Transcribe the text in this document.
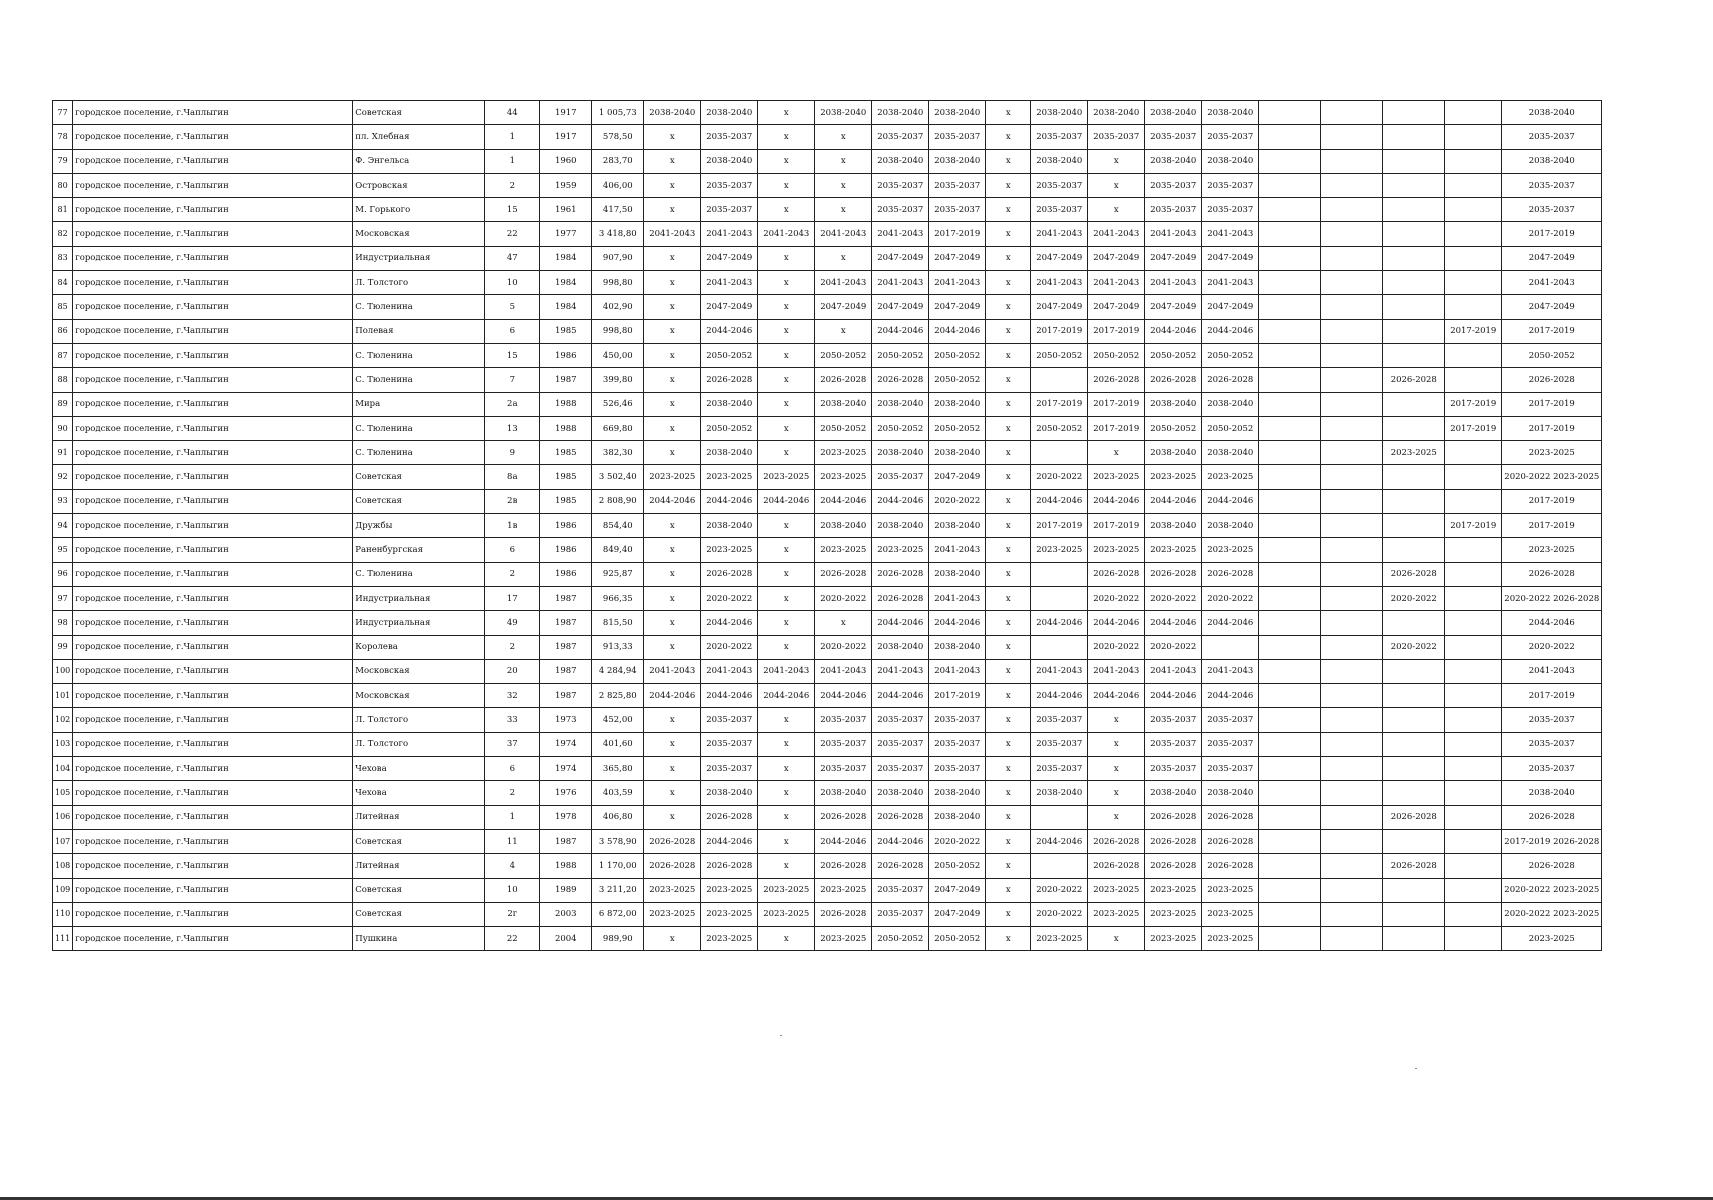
77	городское поселение, г.Чаплыгин	Советская	44	1917	1 005,73	2038-2040	2038-2040	x	2038-2040	2038-2040	2038-2040	x	2038-2040	2038-2040	2038-2040	2038-2040					2038-2040
78	городское поселение, г.Чаплыгин	пл. Хлебная	1	1917	578,50	x	2035-2037	x	x	2035-2037	2035-2037	x	2035-2037	2035-2037	2035-2037	2035-2037					2035-2037
79	городское поселение, г.Чаплыгин	Ф. Энгельса	1	1960	283,70	x	2038-2040	x	x	2038-2040	2038-2040	x	2038-2040	x	2038-2040	2038-2040					2038-2040
80	городское поселение, г.Чаплыгин	Островская	2	1959	406,00	x	2035-2037	x	x	2035-2037	2035-2037	x	2035-2037	x	2035-2037	2035-2037					2035-2037
81	городское поселение, г.Чаплыгин	М. Горького	15	1961	417,50	x	2035-2037	x	x	2035-2037	2035-2037	x	2035-2037	x	2035-2037	2035-2037					2035-2037
82	городское поселение, г.Чаплыгин	Московская	22	1977	3 418,80	2041-2043	2041-2043	2041-2043	2041-2043	2041-2043	2017-2019	x	2041-2043	2041-2043	2041-2043	2041-2043					2017-2019
83	городское поселение, г.Чаплыгин	Индустриальная	47	1984	907,90	x	2047-2049	x	x	2047-2049	2047-2049	x	2047-2049	2047-2049	2047-2049	2047-2049					2047-2049
84	городское поселение, г.Чаплыгин	Л. Толстого	10	1984	998,80	x	2041-2043	x	2041-2043	2041-2043	2041-2043	x	2041-2043	2041-2043	2041-2043	2041-2043					2041-2043
85	городское поселение, г.Чаплыгин	С. Тюленина	5	1984	402,90	x	2047-2049	x	2047-2049	2047-2049	2047-2049	x	2047-2049	2047-2049	2047-2049	2047-2049					2047-2049
86	городское поселение, г.Чаплыгин	Полевая	6	1985	998,80	x	2044-2046	x	x	2044-2046	2044-2046	x	2017-2019	2017-2019	2044-2046	2044-2046				2017-2019	2017-2019
87	городское поселение, г.Чаплыгин	С. Тюленина	15	1986	450,00	x	2050-2052	x	2050-2052	2050-2052	2050-2052	x	2050-2052	2050-2052	2050-2052	2050-2052					2050-2052
88	городское поселение, г.Чаплыгин	С. Тюленина	7	1987	399,80	x	2026-2028	x	2026-2028	2026-2028	2050-2052	x		2026-2028	2026-2028	2026-2028			2026-2028		2026-2028
89	городское поселение, г.Чаплыгин	Мира	2а	1988	526,46	x	2038-2040	x	2038-2040	2038-2040	2038-2040	x	2017-2019	2017-2019	2038-2040	2038-2040				2017-2019	2017-2019
90	городское поселение, г.Чаплыгин	С. Тюленина	13	1988	669,80	x	2050-2052	x	2050-2052	2050-2052	2050-2052	x	2050-2052	2017-2019	2050-2052	2050-2052				2017-2019	2017-2019
91	городское поселение, г.Чаплыгин	С. Тюленина	9	1985	382,30	x	2038-2040	x	2023-2025	2038-2040	2038-2040	x		x	2038-2040	2038-2040			2023-2025		2023-2025
92	городское поселение, г.Чаплыгин	Советская	8а	1985	3 502,40	2023-2025	2023-2025	2023-2025	2023-2025	2035-2037	2047-2049	x	2020-2022	2023-2025	2023-2025	2023-2025					2020-2022 2023-2025
93	городское поселение, г.Чаплыгин	Советская	2в	1985	2 808,90	2044-2046	2044-2046	2044-2046	2044-2046	2044-2046	2020-2022	x	2044-2046	2044-2046	2044-2046	2044-2046					2017-2019
94	городское поселение, г.Чаплыгин	Дружбы	1в	1986	854,40	x	2038-2040	x	2038-2040	2038-2040	2038-2040	x	2017-2019	2017-2019	2038-2040	2038-2040				2017-2019	2017-2019
95	городское поселение, г.Чаплыгин	Раненбургская	6	1986	849,40	x	2023-2025	x	2023-2025	2023-2025	2041-2043	x	2023-2025	2023-2025	2023-2025	2023-2025					2023-2025
96	городское поселение, г.Чаплыгин	С. Тюленина	2	1986	925,87	x	2026-2028	x	2026-2028	2026-2028	2038-2040	x		2026-2028	2026-2028	2026-2028			2026-2028		2026-2028
97	городское поселение, г.Чаплыгин	Индустриальная	17	1987	966,35	x	2020-2022	x	2020-2022	2026-2028	2041-2043	x		2020-2022	2020-2022	2020-2022			2020-2022		2020-2022 2026-2028
98	городское поселение, г.Чаплыгин	Индустриальная	49	1987	815,50	x	2044-2046	x	x	2044-2046	2044-2046	x	2044-2046	2044-2046	2044-2046	2044-2046					2044-2046
99	городское поселение, г.Чаплыгин	Королева	2	1987	913,33	x	2020-2022	x	2020-2022	2038-2040	2038-2040	x		2020-2022	2020-2022				2020-2022		2020-2022
100	городское поселение, г.Чаплыгин	Московская	20	1987	4 284,94	2041-2043	2041-2043	2041-2043	2041-2043	2041-2043	2041-2043	x	2041-2043	2041-2043	2041-2043	2041-2043					2041-2043
101	городское поселение, г.Чаплыгин	Московская	32	1987	2 825,80	2044-2046	2044-2046	2044-2046	2044-2046	2044-2046	2017-2019	x	2044-2046	2044-2046	2044-2046	2044-2046					2017-2019
102	городское поселение, г.Чаплыгин	Л. Толстого	33	1973	452,00	x	2035-2037	x	2035-2037	2035-2037	2035-2037	x	2035-2037	x	2035-2037	2035-2037					2035-2037
103	городское поселение, г.Чаплыгин	Л. Толстого	37	1974	401,60	x	2035-2037	x	2035-2037	2035-2037	2035-2037	x	2035-2037	x	2035-2037	2035-2037					2035-2037
104	городское поселение, г.Чаплыгин	Чехова	6	1974	365,80	x	2035-2037	x	2035-2037	2035-2037	2035-2037	x	2035-2037	x	2035-2037	2035-2037					2035-2037
105	городское поселение, г.Чаплыгин	Чехова	2	1976	403,59	x	2038-2040	x	2038-2040	2038-2040	2038-2040	x	2038-2040	x	2038-2040	2038-2040					2038-2040
106	городское поселение, г.Чаплыгин	Литейная	1	1978	406,80	x	2026-2028	x	2026-2028	2026-2028	2038-2040	x		x	2026-2028	2026-2028			2026-2028		2026-2028
107	городское поселение, г.Чаплыгин	Советская	11	1987	3 578,90	2026-2028	2044-2046	x	2044-2046	2044-2046	2020-2022	x	2044-2046	2026-2028	2026-2028	2026-2028					2017-2019 2026-2028
108	городское поселение, г.Чаплыгин	Литейная	4	1988	1 170,00	2026-2028	2026-2028	x	2026-2028	2026-2028	2050-2052	x		2026-2028	2026-2028	2026-2028			2026-2028		2026-2028
109	городское поселение, г.Чаплыгин	Советская	10	1989	3 211,20	2023-2025	2023-2025	2023-2025	2023-2025	2035-2037	2047-2049	x	2020-2022	2023-2025	2023-2025	2023-2025					2020-2022 2023-2025
110	городское поселение, г.Чаплыгин	Советская	2г	2003	6 872,00	2023-2025	2023-2025	2023-2025	2026-2028	2035-2037	2047-2049	x	2020-2022	2023-2025	2023-2025	2023-2025					2020-2022 2023-2025
111	городское поселение, г.Чаплыгин	Пушкина	22	2004	989,90	x	2023-2025	x	2023-2025	2050-2052	2050-2052	x	2023-2025	x	2023-2025	2023-2025					2023-2025
